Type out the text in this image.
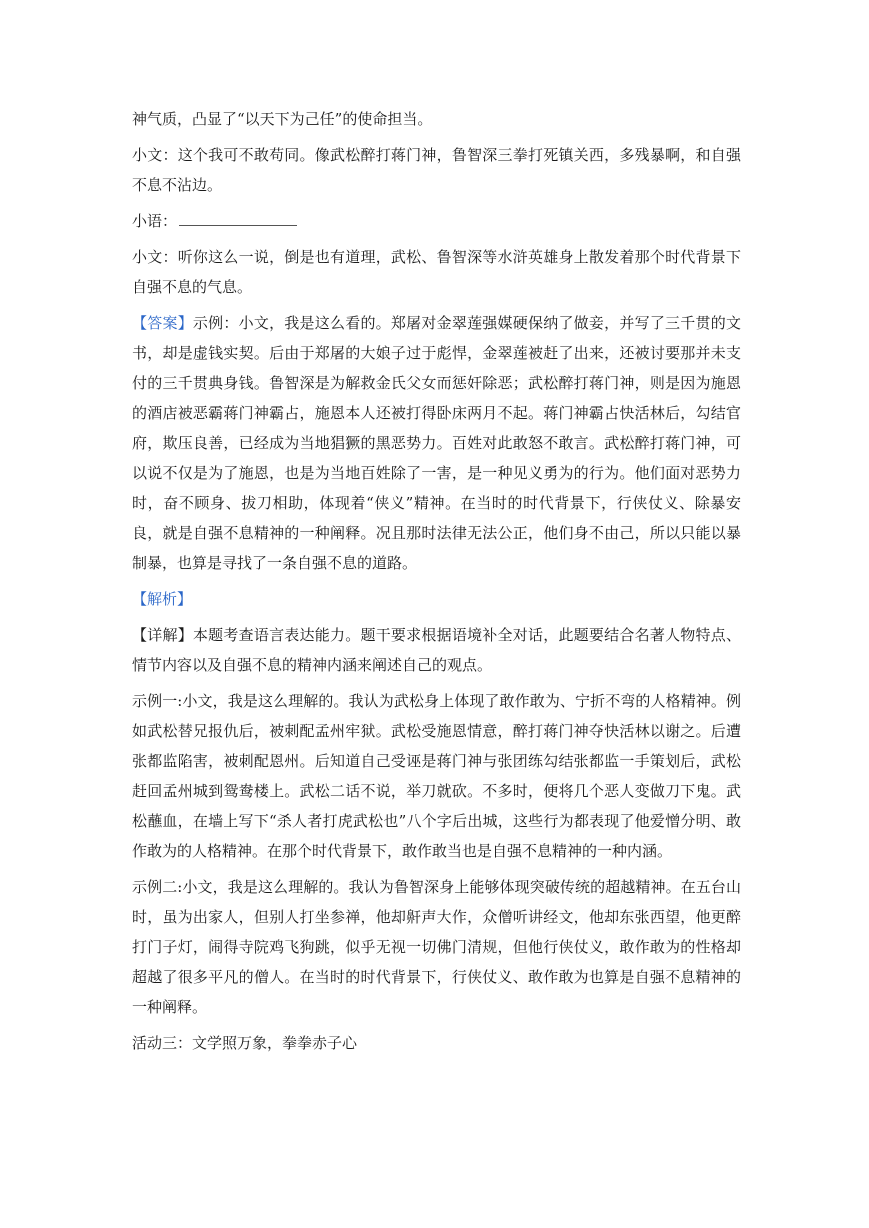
神气质，凸显了“以天下为己任”的使命担当。

小文：这个我可不敢苟同。像武松醉打蒋门神，鲁智深三拳打死镇关西，多残暴啊，和自强不息不沾边。

小语：

小文：听你这么一说，倒是也有道理，武松、鲁智深等水浒英雄身上散发着那个时代背景下自强不息的气息。

【答案】示例：小文，我是这么看的。郑屠对金翠莲强媒硬保纳了做妾，并写了三千贯的文书，却是虚钱实契。后由于郑屠的大娘子过于彪悍，金翠莲被赶了出来，还被讨要那并未支付的三千贯典身钱。鲁智深是为解救金氏父女而惩奸除恶；武松醉打蒋门神，则是因为施恩的酒店被恶霸蒋门神霸占，施恩本人还被打得卧床两月不起。蒋门神霸占快活林后，勾结官府，欺压良善，已经成为当地猖獗的黑恶势力。百姓对此敢怒不敢言。武松醉打蒋门神，可以说不仅是为了施恩，也是为当地百姓除了一害，是一种见义勇为的行为。他们面对恶势力时，奋不顾身、拔刀相助，体现着“侠义”精神。在当时的时代背景下，行侠仗义、除暴安良，就是自强不息精神的一种阐释。况且那时法律无法公正，他们身不由己，所以只能以暴制暴，也算是寻找了一条自强不息的道路。

【解析】

【详解】本题考查语言表达能力。题干要求根据语境补全对话，此题要结合名著人物特点、情节内容以及自强不息的精神内涵来阐述自己的观点。

示例一:小文，我是这么理解的。我认为武松身上体现了敢作敢为、宁折不弯的人格精神。例如武松替兄报仇后，被刺配孟州牢狱。武松受施恩情意，醉打蒋门神夺快活林以谢之。后遭张都监陷害，被刺配恩州。后知道自己受诬是蒋门神与张团练勾结张都监一手策划后，武松赶回孟州城到鸳鸯楼上。武松二话不说，举刀就砍。不多时，便将几个恶人变做刀下鬼。武松蘸血，在墙上写下“杀人者打虎武松也”八个字后出城，这些行为都表现了他爱憎分明、敢作敢为的人格精神。在那个时代背景下，敢作敢当也是自强不息精神的一种内涵。

示例二:小文，我是这么理解的。我认为鲁智深身上能够体现突破传统的超越精神。在五台山时，虽为出家人，但别人打坐参禅，他却鼾声大作，众僧听讲经文，他却东张西望，他更醉打门子灯，闹得寺院鸡飞狗跳，似乎无视一切佛门清规，但他行侠仗义，敢作敢为的性格却超越了很多平凡的僧人。在当时的时代背景下，行侠仗义、敢作敢为也算是自强不息精神的一种阐释。

活动三：文学照万象，拳拳赤子心
